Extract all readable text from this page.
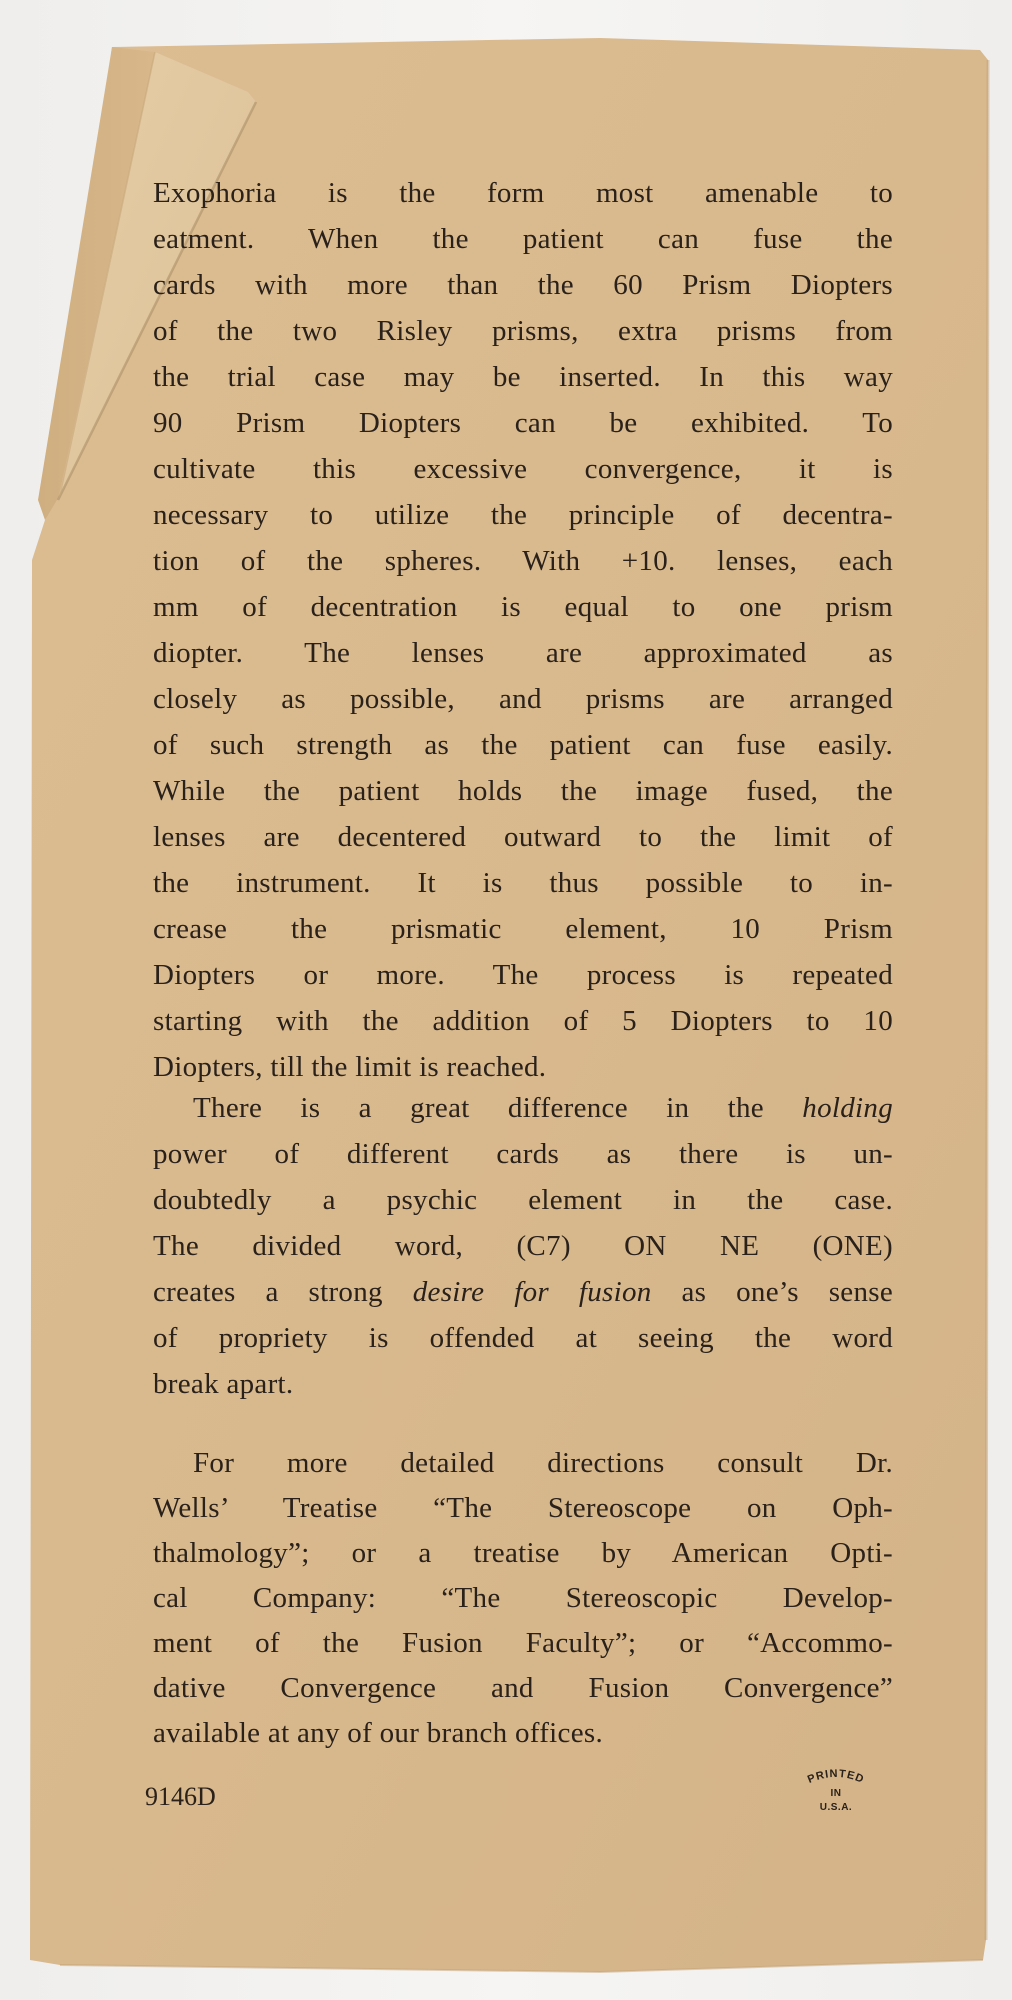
Exophoria is the form most amenable to
eatment. When the patient can fuse the
cards with more than the 60 Prism Diopters
of the two Risley prisms, extra prisms from
the trial case may be inserted. In this way
90 Prism Diopters can be exhibited. To
cultivate this excessive convergence, it is
necessary to utilize the principle of decentra-
tion of the spheres. With +10. lenses, each
mm of decentration is equal to one prism
diopter. The lenses are approximated as
closely as possible, and prisms are arranged
of such strength as the patient can fuse easily.
While the patient holds the image fused, the
lenses are decentered outward to the limit of
the instrument. It is thus possible to in-
crease the prismatic element, 10 Prism
Diopters or more. The process is repeated
starting with the addition of 5 Diopters to 10
Diopters, till the limit is reached.
There is a great difference in the holding
power of different cards as there is un-
doubtedly a psychic element in the case.
The divided word, (C7) ON NE (ONE)
creates a strong desire for fusion as one’s sense
of propriety is offended at seeing the word
break apart.
For more detailed directions consult Dr.
Wells’ Treatise “The Stereoscope on Oph-
thalmology”; or a treatise by American Opti-
cal Company: “The Stereoscopic Develop-
ment of the Fusion Faculty”; or “Accommo-
dative Convergence and Fusion Convergence”
available at any of our branch offices.
9146D
PRINTED
IN
U.S.A.
